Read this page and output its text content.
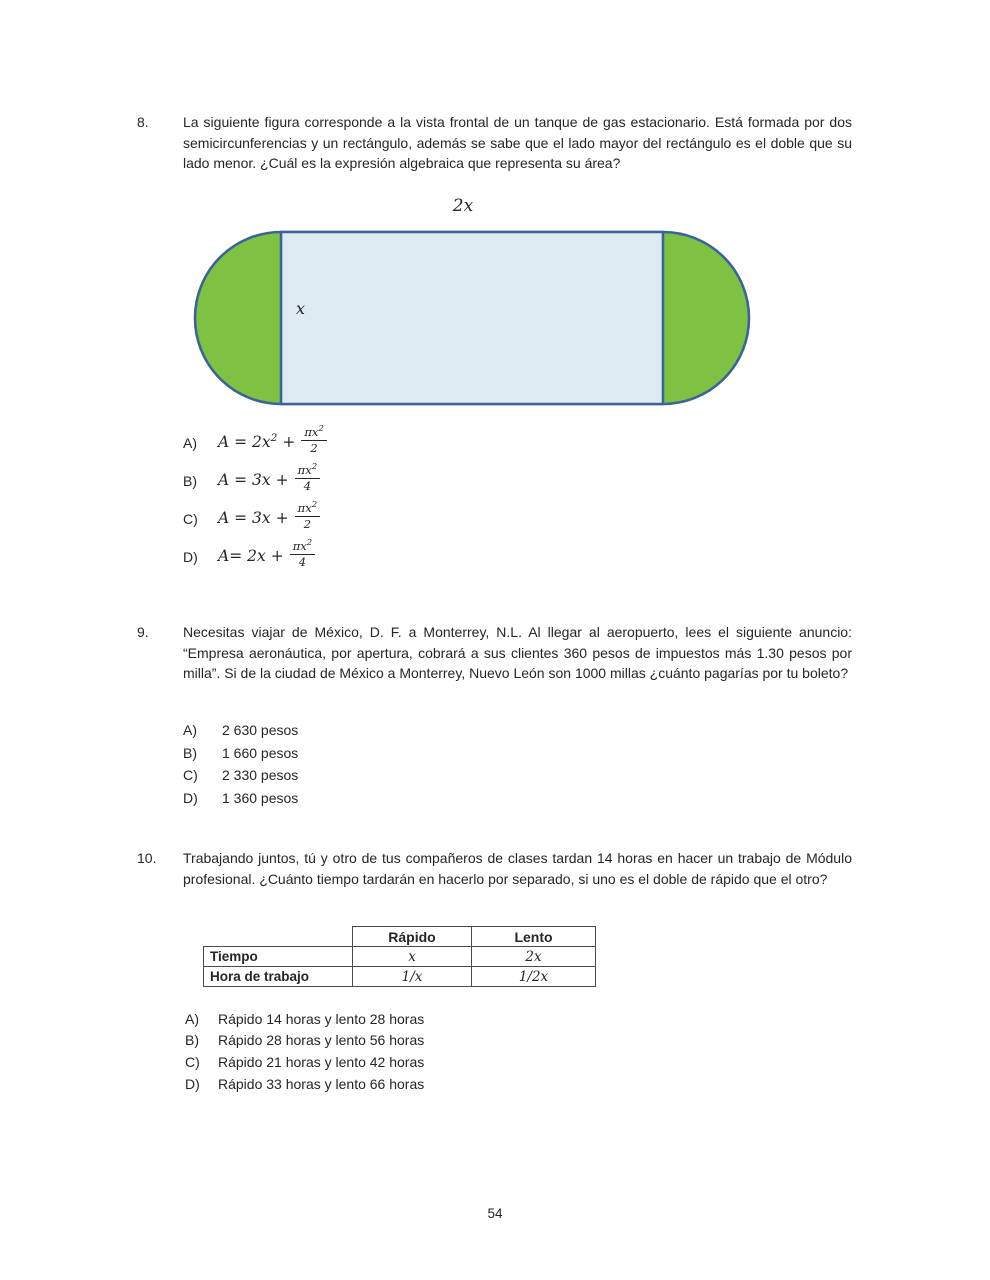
8.	La siguiente figura corresponde a la vista frontal de un tanque de gas estacionario. Está formada por dos semicircunferencias y un rectángulo, además se sabe que el lado mayor del rectángulo es el doble que su lado menor. ¿Cuál es la expresión algebraica que representa su área?
2x
x
A)	$A = 2x^2 + \frac{\pi x^2}{2}$
B)	$A = 3x + \frac{\pi x^2}{4}$
C)	$A = 3x + \frac{\pi x^2}{2}$
D)	$A= 2x + \frac{\pi x^2}{4}$
9.	Necesitas viajar de México, D. F. a Monterrey, N.L. Al llegar al aeropuerto, lees el siguiente anuncio: “Empresa aeronáutica, por apertura, cobrará a sus clientes 360 pesos de impuestos más 1.30 pesos por milla”. Si de la ciudad de México a Monterrey, Nuevo León son 1000 millas ¿cuánto pagarías por tu boleto?
A)	2 630 pesos
B)	1 660 pesos
C)	2 330 pesos
D)	1 360 pesos
10.	Trabajando juntos, tú y otro de tus compañeros de clases tardan 14 horas en hacer un trabajo de Módulo profesional. ¿Cuánto tiempo tardarán en hacerlo por separado, si uno es el doble de rápido que el otro?
	Rápido	Lento
Tiempo	x	2x
Hora de trabajo	1/x	1/2x
A)	Rápido 14 horas y lento 28 horas
B)	Rápido 28 horas y lento 56 horas
C)	Rápido 21 horas y lento 42 horas
D)	Rápido 33 horas y lento 66 horas
54
